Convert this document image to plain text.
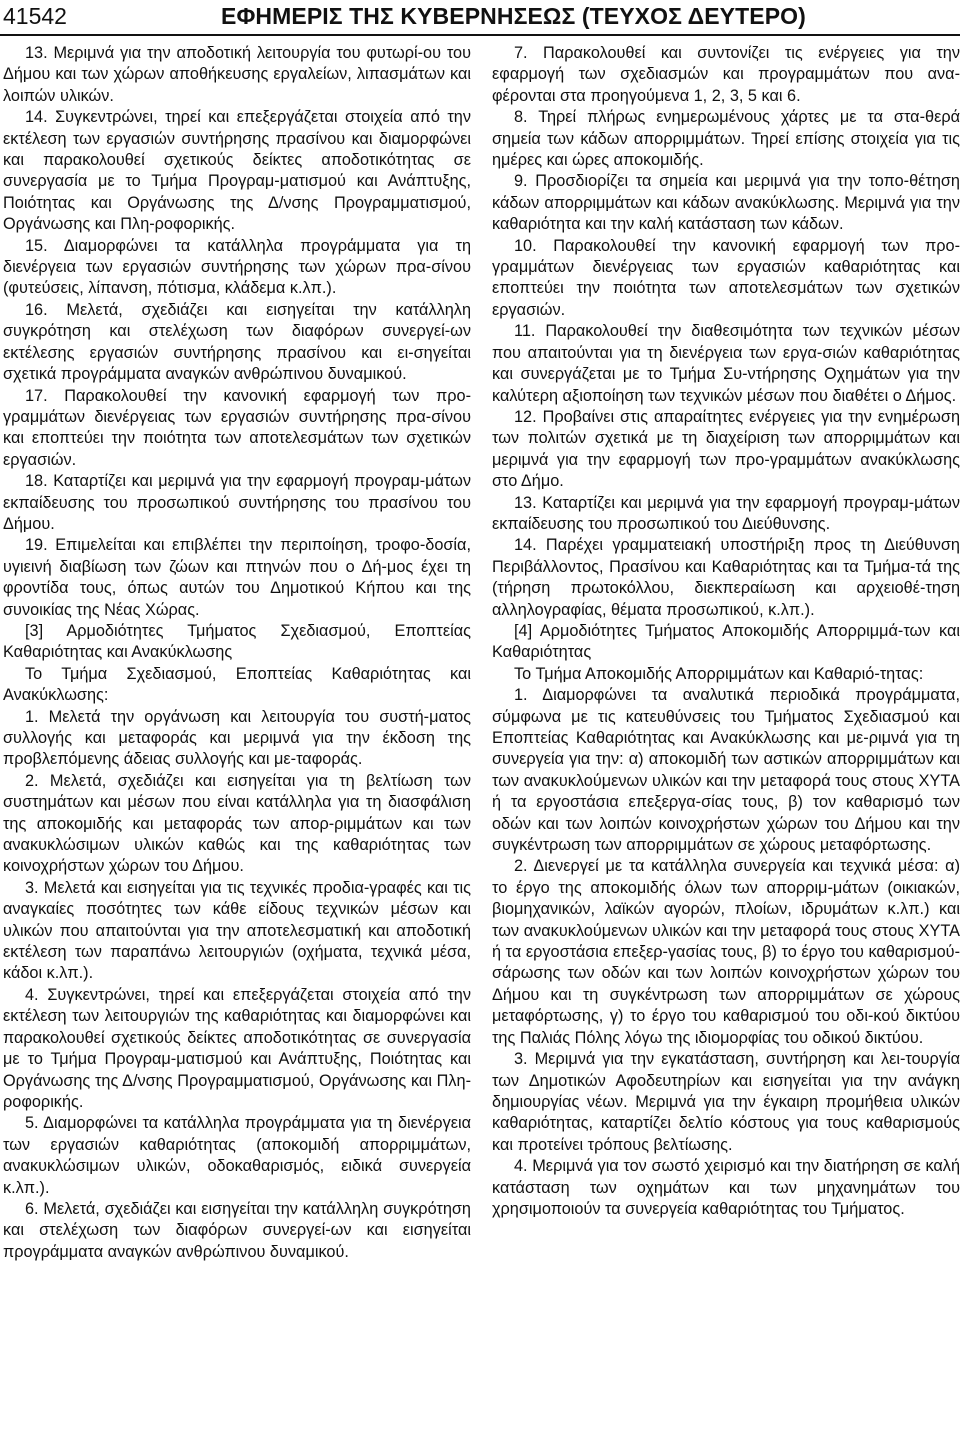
41542	ΕΦΗΜΕΡΙΣ ΤΗΣ ΚΥΒΕΡΝΗΣΕΩΣ (ΤΕΥΧΟΣ ΔΕΥΤΕΡΟ)

13. Μεριμνά για την αποδοτική λειτουργία του φυτωρί-ου του Δήμου και των χώρων αποθήκευσης εργαλείων, λιπασμάτων και λοιπών υλικών.

14. Συγκεντρώνει, τηρεί και επεξεργάζεται στοιχεία από την εκτέλεση των εργασιών συντήρησης πρασίνου και διαμορφώνει και παρακολουθεί σχετικούς δείκτες αποδοτικότητας σε συνεργασία με το Τμήμα Προγραμ-ματισμού και Ανάπτυξης, Ποιότητας και Οργάνωσης της Δ/νσης Προγραμματισμού, Οργάνωσης και Πλη-ροφορικής.

15. Διαμορφώνει τα κατάλληλα προγράμματα για τη διενέργεια των εργασιών συντήρησης των χώρων πρα-σίνου (φυτεύσεις, λίπανση, πότισμα, κλάδεμα κ.λπ.).

16. Μελετά, σχεδιάζει και εισηγείται την κατάλληλη συγκρότηση και στελέχωση των διαφόρων συνεργεί-ων εκτέλεσης εργασιών συντήρησης πρασίνου και ει-σηγείται σχετικά προγράμματα αναγκών ανθρώπινου δυναμικού.

17. Παρακολουθεί την κανονική εφαρμογή των προ-γραμμάτων διενέργειας των εργασιών συντήρησης πρα-σίνου και εποπτεύει την ποιότητα των αποτελεσμάτων των σχετικών εργασιών.

18. Καταρτίζει και μεριμνά για την εφαρμογή προγραμ-μάτων εκπαίδευσης του προσωπικού συντήρησης του πρασίνου του Δήμου.

19. Επιμελείται και επιβλέπει την περιποίηση, τροφο-δοσία, υγιεινή διαβίωση των ζώων και πτηνών που ο Δή-μος έχει τη φροντίδα τους, όπως αυτών του Δημοτικού Κήπου και της συνοικίας της Νέας Χώρας.

[3] Αρμοδιότητες Τμήματος Σχεδιασμού, Εποπτείας Καθαριότητας και Ανακύκλωσης

Το Τμήμα Σχεδιασμού, Εποπτείας Καθαριότητας και Ανακύκλωσης:

1. Μελετά την οργάνωση και λειτουργία του συστή-ματος συλλογής και μεταφοράς και μεριμνά για την έκδοση της προβλεπόμενης άδειας συλλογής και με-ταφοράς.

2. Μελετά, σχεδιάζει και εισηγείται για τη βελτίωση των συστημάτων και μέσων που είναι κατάλληλα για τη διασφάλιση της αποκομιδής και μεταφοράς των απορ-ριμμάτων και των ανακυκλώσιμων υλικών καθώς και της καθαριότητας των κοινοχρήστων χώρων του Δήμου.

3. Μελετά και εισηγείται για τις τεχνικές προδια-γραφές και τις αναγκαίες ποσότητες των κάθε είδους τεχνικών μέσων και υλικών που απαιτούνται για την αποτελεσματική και αποδοτική εκτέλεση των παραπάνω λειτουργιών (οχήματα, τεχνικά μέσα, κάδοι κ.λπ.).

4. Συγκεντρώνει, τηρεί και επεξεργάζεται στοιχεία από την εκτέλεση των λειτουργιών της καθαριότητας και διαμορφώνει και παρακολουθεί σχετικούς δείκτες αποδοτικότητας σε συνεργασία με το Τμήμα Προγραμ-ματισμού και Ανάπτυξης, Ποιότητας και Οργάνωσης της Δ/νσης Προγραμματισμού, Οργάνωσης και Πλη-ροφορικής.

5. Διαμορφώνει τα κατάλληλα προγράμματα για τη διενέργεια των εργασιών καθαριότητας (αποκομιδή απορριμμάτων, ανακυκλώσιμων υλικών, οδοκαθαρισμός, ειδικά συνεργεία κ.λπ.).

6. Μελετά, σχεδιάζει και εισηγείται την κατάλληλη συγκρότηση και στελέχωση των διαφόρων συνεργεί-ων και εισηγείται προγράμματα αναγκών ανθρώπινου δυναμικού.

7. Παρακολουθεί και συντονίζει τις ενέργειες για την εφαρμογή των σχεδιασμών και προγραμμάτων που ανα-φέρονται στα προηγούμενα 1, 2, 3, 5 και 6.

8. Τηρεί πλήρως ενημερωμένους χάρτες με τα στα-θερά σημεία των κάδων απορριμμάτων. Τηρεί επίσης στοιχεία για τις ημέρες και ώρες αποκομιδής.

9. Προσδιορίζει τα σημεία και μεριμνά για την τοπο-θέτηση κάδων απορριμμάτων και κάδων ανακύκλωσης. Μεριμνά για την καθαριότητα και την καλή κατάσταση των κάδων.

10. Παρακολουθεί την κανονική εφαρμογή των προ-γραμμάτων διενέργειας των εργασιών καθαριότητας και εποπτεύει την ποιότητα των αποτελεσμάτων των σχετικών εργασιών.

11. Παρακολουθεί την διαθεσιμότητα των τεχνικών μέσων που απαιτούνται για τη διενέργεια των εργα-σιών καθαριότητας και συνεργάζεται με το Τμήμα Συ-ντήρησης Οχημάτων για την καλύτερη αξιοποίηση των τεχνικών μέσων που διαθέτει ο Δήμος.

12. Προβαίνει στις απαραίτητες ενέργειες για την ενημέρωση των πολιτών σχετικά με τη διαχείριση των απορριμμάτων και μεριμνά για την εφαρμογή των προ-γραμμάτων ανακύκλωσης στο Δήμο.

13. Καταρτίζει και μεριμνά για την εφαρμογή προγραμ-μάτων εκπαίδευσης του προσωπικού του Διεύθυνσης.

14. Παρέχει γραμματειακή υποστήριξη προς τη Διεύθυνση Περιβάλλοντος, Πρασίνου και Καθαριότητας και τα Τμήμα-τά της (τήρηση πρωτοκόλλου, διεκπεραίωση και αρχειοθέ-τηση αλληλογραφίας, θέματα προσωπικού, κ.λπ.).

[4] Αρμοδιότητες Τμήματος Αποκομιδής Απορριμμά-των και Καθαριότητας

Το Τμήμα Αποκομιδής Απορριμμάτων και Καθαριό-τητας:

1. Διαμορφώνει τα αναλυτικά περιοδικά προγράμματα, σύμφωνα με τις κατευθύνσεις του Τμήματος Σχεδιασμού και Εποπτείας Καθαριότητας και Ανακύκλωσης και με-ριμνά για τη συνεργεία για την: α) αποκομιδή των αστικών απορριμμάτων και των ανακυκλούμενων υλικών και την μεταφορά τους στους ΧΥΤΑ ή τα εργοστάσια επεξεργα-σίας τους, β) τον καθαρισμό των οδών και των λοιπών κοινοχρήστων χώρων του Δήμου και την συγκέντρωση των απορριμμάτων σε χώρους μεταφόρτωσης.

2. Διενεργεί με τα κατάλληλα συνεργεία και τεχνικά μέσα: α) το έργο της αποκομιδής όλων των απορριμ-μάτων (οικιακών, βιομηχανικών, λαϊκών αγορών, πλοίων, ιδρυμάτων κ.λπ.) και των ανακυκλούμενων υλικών και την μεταφορά τους στους ΧΥΤΑ ή τα εργοστάσια επεξερ-γασίας τους, β) το έργο του καθαρισμού-σάρωσης των οδών και των λοιπών κοινοχρήστων χώρων του Δήμου και τη συγκέντρωση των απορριμμάτων σε χώρους μεταφόρτωσης, γ) το έργο του καθαρισμού του οδι-κού δικτύου της Παλιάς Πόλης λόγω της ιδιομορφίας του οδικού δικτύου.

3. Μεριμνά για την εγκατάσταση, συντήρηση και λει-τουργία των Δημοτικών Αφοδευτηρίων και εισηγείται για την ανάγκη δημιουργίας νέων. Μεριμνά για την έγκαιρη προμήθεια υλικών καθαριότητας, καταρτίζει δελτίο κόστους για τους καθαρισμούς και προτείνει τρόπους βελτίωσης.

4. Μεριμνά για τον σωστό χειρισμό και την διατήρηση σε καλή κατάσταση των οχημάτων και των μηχανημάτων του χρησιμοποιούν τα συνεργεία καθαριότητας του Τμήματος.
